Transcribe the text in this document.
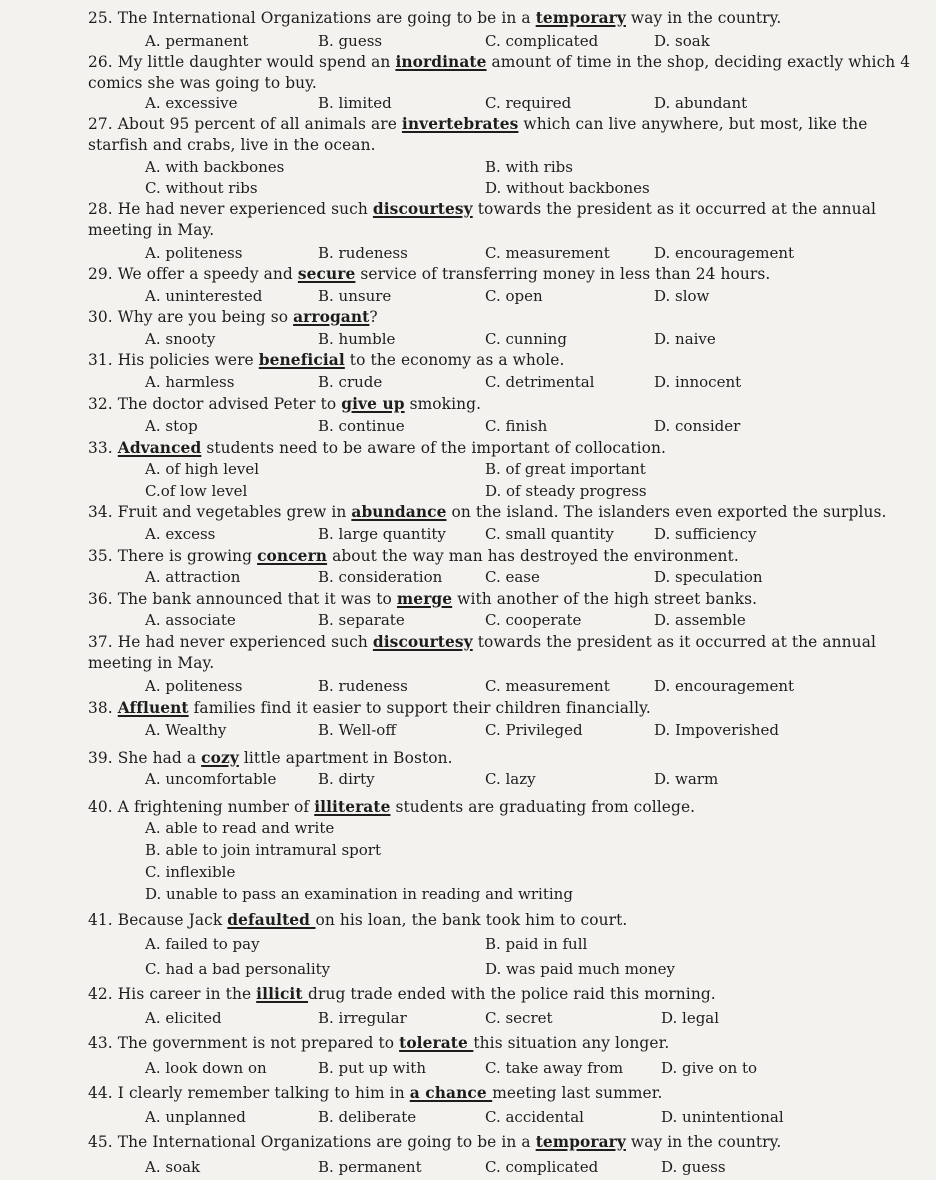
25. The International Organizations are going to be in a temporary way in the country.
A. permanent	B. guess	C. complicated	D. soak
26. My little daughter would spend an inordinate amount of time in the shop, deciding exactly which 4 comics she was going to buy.
A. excessive	B. limited	C. required	D. abundant
27. About 95 percent of all animals are invertebrates which can live anywhere, but most, like the starfish and crabs, live in the ocean.
A. with backbones	B. with ribs
C. without ribs	D. without backbones
28. He had never experienced such discourtesy towards the president as it occurred at the annual meeting in May.
A. politeness	B. rudeness	C. measurement	D. encouragement
29. We offer a speedy and secure service of transferring money in less than 24 hours.
A. uninterested	B. unsure	C. open	D. slow
30. Why are you being so arrogant?
A. snooty	B. humble	C. cunning	D. naive
31. His policies were beneficial to the economy as a whole.
A. harmless	B. crude	C. detrimental	D. innocent
32. The doctor advised Peter to give up smoking.
A. stop	B. continue	C. finish	D. consider
33. Advanced students need to be aware of the important of collocation.
A. of high level	B. of great important
C.of low level	D. of steady progress
34. Fruit and vegetables grew in abundance on the island. The islanders even exported the surplus.
A. excess	B. large quantity	C. small quantity	D. sufficiency
35. There is growing concern about the way man has destroyed the environment.
A. attraction	B. consideration	C. ease	D. speculation
36. The bank announced that it was to merge with another of the high street banks.
A. associate	B. separate	C. cooperate	D. assemble
37. He had never experienced such discourtesy towards the president as it occurred at the annual meeting in May.
A. politeness	B. rudeness	C. measurement	D. encouragement
38. Affluent families find it easier to support their children financially.
A. Wealthy	B. Well-off	C. Privileged	D. Impoverished
39. She had a cozy little apartment in Boston.
A. uncomfortable	B. dirty	C. lazy	D. warm
40. A frightening number of illiterate students are graduating from college.
A. able to read and write
B. able to join intramural sport
C. inflexible
D. unable to pass an examination in reading and writing
41. Because Jack defaulted on his loan, the bank took him to court.
A. failed to pay	B. paid in full
C. had a bad personality	D. was paid much money
42. His career in the illicit drug trade ended with the police raid this morning.
A. elicited	B. irregular	C. secret	D. legal
43. The government is not prepared to tolerate this situation any longer.
A. look down on	B. put up with	C. take away from	D. give on to
44. I clearly remember talking to him in a chance meeting last summer.
A. unplanned	B. deliberate	C. accidental	D. unintentional
45. The International Organizations are going to be in a temporary way in the country.
A. soak	B. permanent	C. complicated	D. guess
